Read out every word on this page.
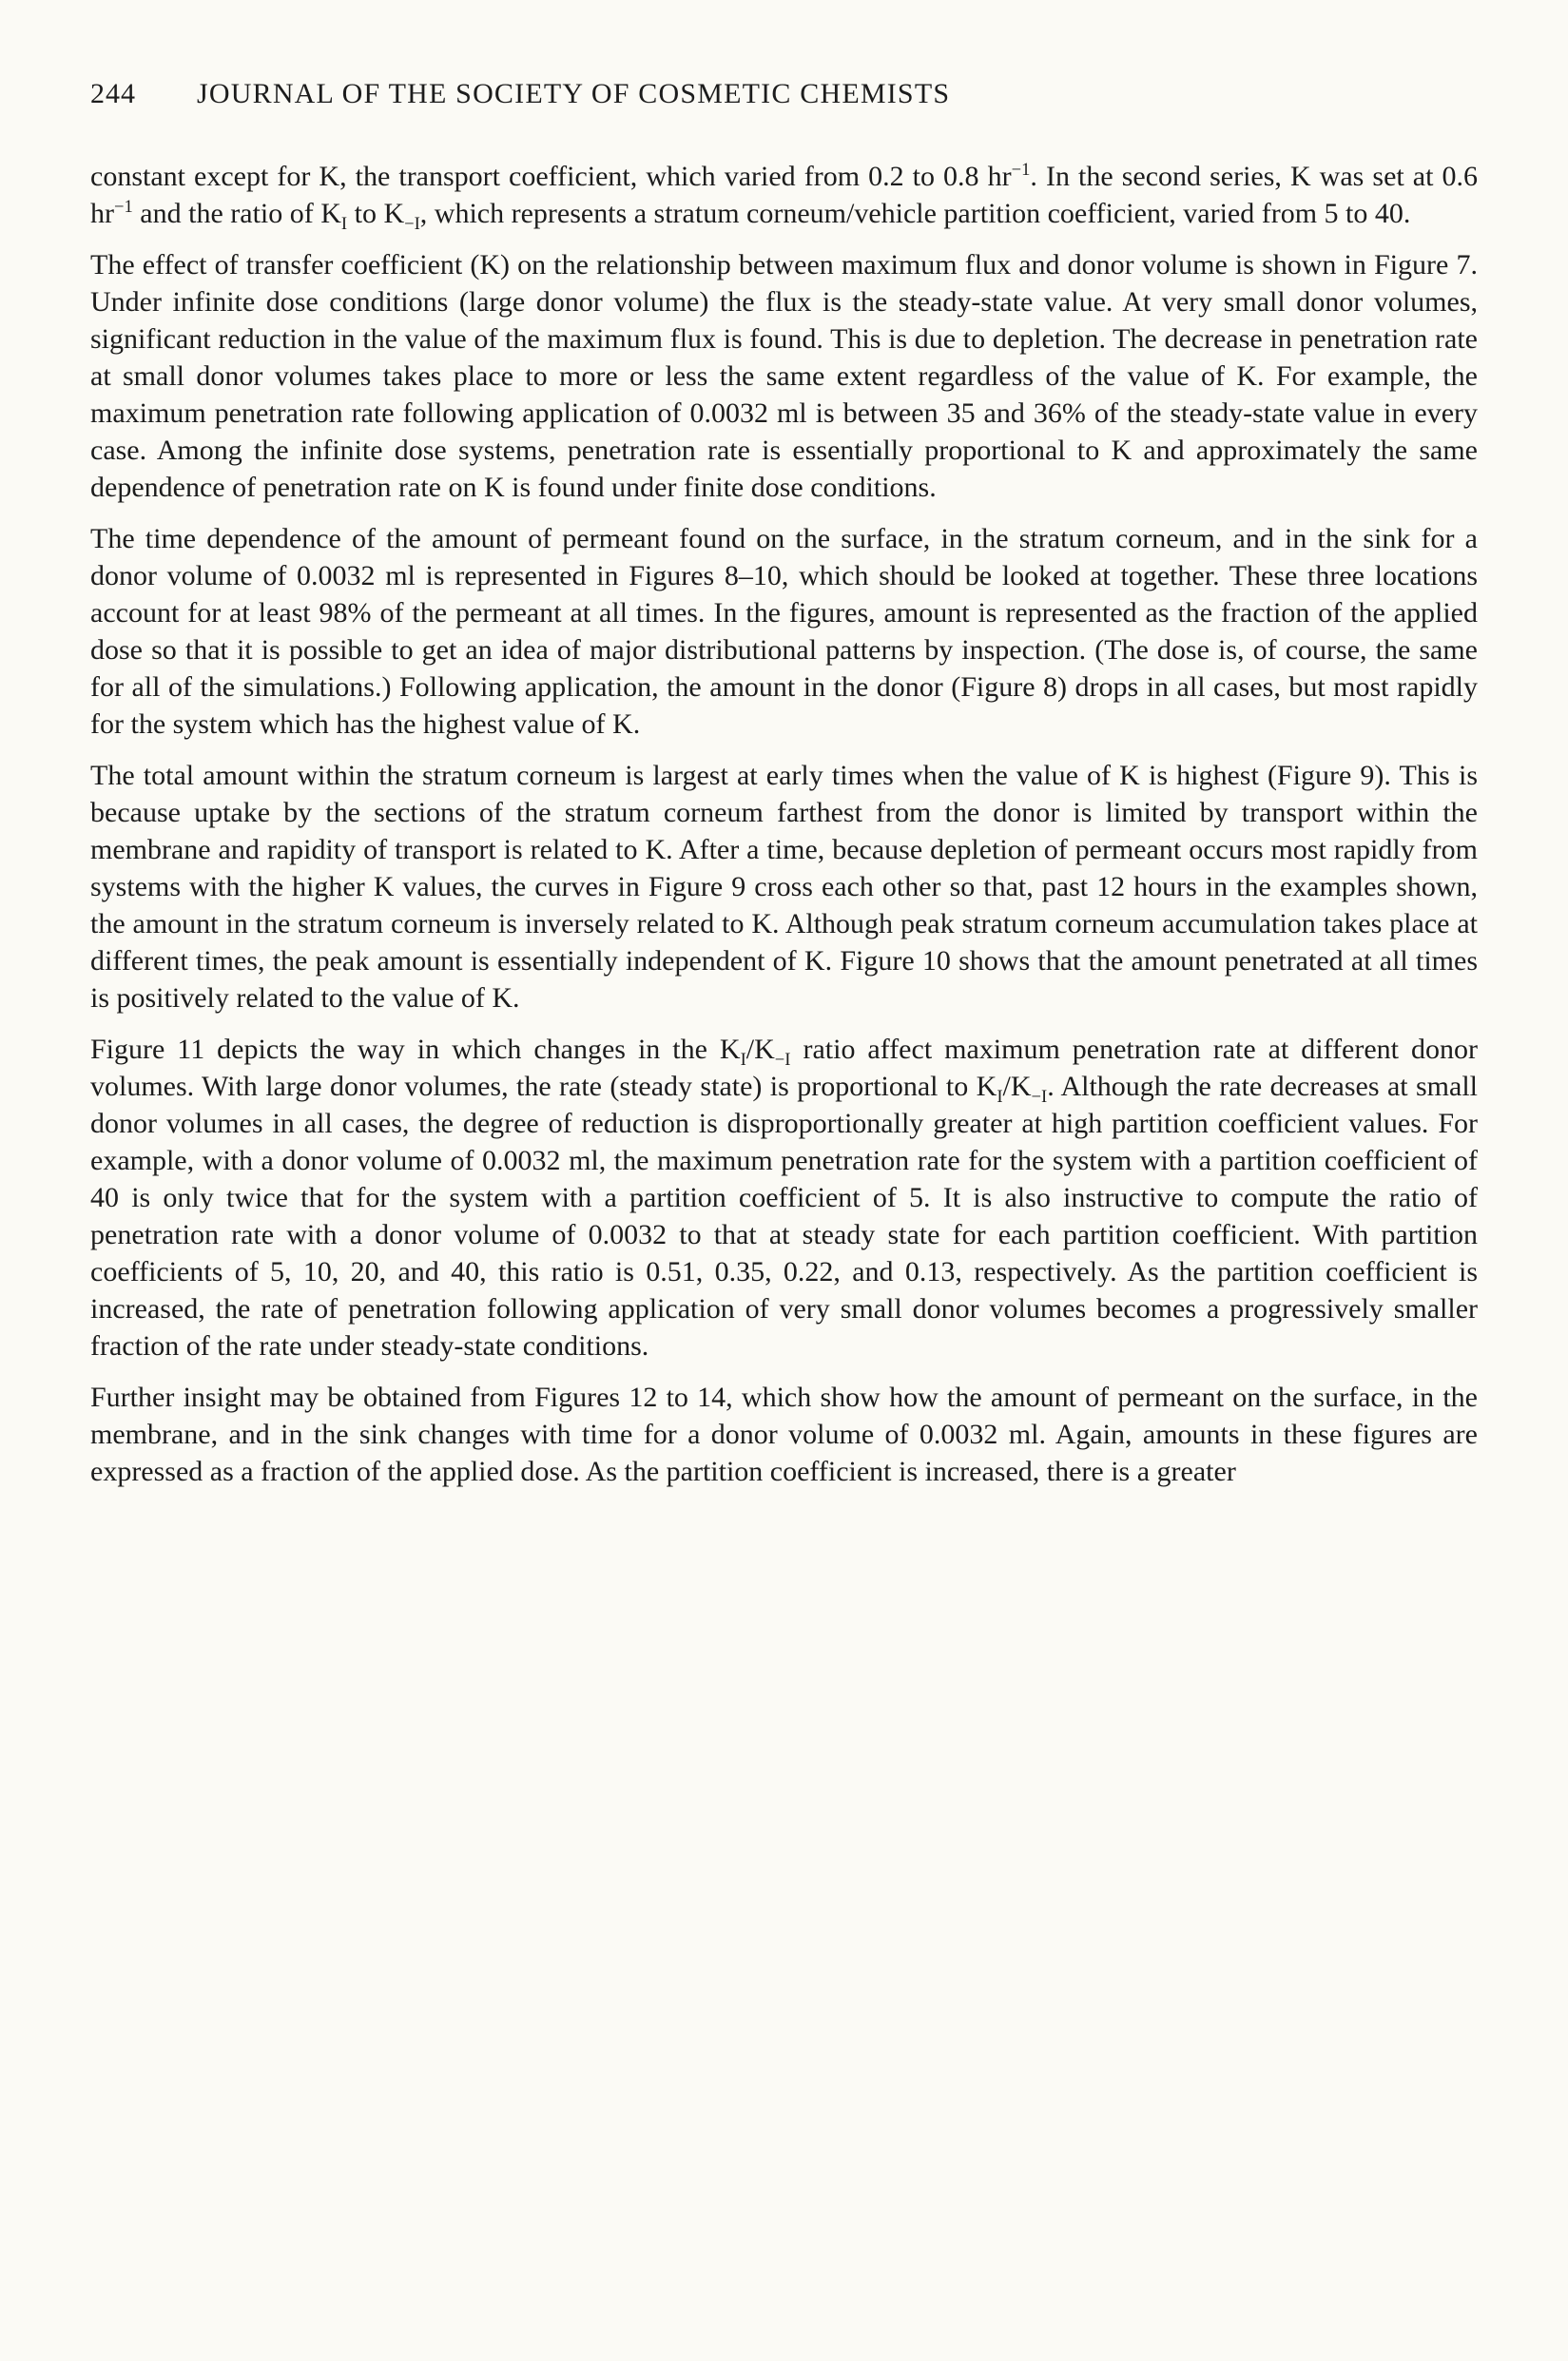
244 JOURNAL OF THE SOCIETY OF COSMETIC CHEMISTS

constant except for K, the transport coefficient, which varied from 0.2 to 0.8 $hr^{-1}$. In the second series, K was set at 0.6 $hr^{-1}$ and the ratio of $K_I$ to $K_{-I}$, which represents a stratum corneum/vehicle partition coefficient, varied from 5 to 40.

The effect of transfer coefficient (K) on the relationship between maximum flux and donor volume is shown in Figure 7. Under infinite dose conditions (large donor volume) the flux is the steady-state value. At very small donor volumes, significant reduction in the value of the maximum flux is found. This is due to depletion. The decrease in penetration rate at small donor volumes takes place to more or less the same extent regardless of the value of K. For example, the maximum penetration rate following application of 0.0032 ml is between 35 and 36% of the steady-state value in every case. Among the infinite dose systems, penetration rate is essentially proportional to K and approximately the same dependence of penetration rate on K is found under finite dose conditions.

The time dependence of the amount of permeant found on the surface, in the stratum corneum, and in the sink for a donor volume of 0.0032 ml is represented in Figures 8–10, which should be looked at together. These three locations account for at least 98% of the permeant at all times. In the figures, amount is represented as the fraction of the applied dose so that it is possible to get an idea of major distributional patterns by inspection. (The dose is, of course, the same for all of the simulations.) Following application, the amount in the donor (Figure 8) drops in all cases, but most rapidly for the system which has the highest value of K.

The total amount within the stratum corneum is largest at early times when the value of K is highest (Figure 9). This is because uptake by the sections of the stratum corneum farthest from the donor is limited by transport within the membrane and rapidity of transport is related to K. After a time, because depletion of permeant occurs most rapidly from systems with the higher K values, the curves in Figure 9 cross each other so that, past 12 hours in the examples shown, the amount in the stratum corneum is inversely related to K. Although peak stratum corneum accumulation takes place at different times, the peak amount is essentially independent of K. Figure 10 shows that the amount penetrated at all times is positively related to the value of K.

Figure 11 depicts the way in which changes in the $K_I/K_{-I}$ ratio affect maximum penetration rate at different donor volumes. With large donor volumes, the rate (steady state) is proportional to $K_I/K_{-I}$. Although the rate decreases at small donor volumes in all cases, the degree of reduction is disproportionally greater at high partition coefficient values. For example, with a donor volume of 0.0032 ml, the maximum penetration rate for the system with a partition coefficient of 40 is only twice that for the system with a partition coefficient of 5. It is also instructive to compute the ratio of penetration rate with a donor volume of 0.0032 to that at steady state for each partition coefficient. With partition coefficients of 5, 10, 20, and 40, this ratio is 0.51, 0.35, 0.22, and 0.13, respectively. As the partition coefficient is increased, the rate of penetration following application of very small donor volumes becomes a progressively smaller fraction of the rate under steady-state conditions.

Further insight may be obtained from Figures 12 to 14, which show how the amount of permeant on the surface, in the membrane, and in the sink changes with time for a donor volume of 0.0032 ml. Again, amounts in these figures are expressed as a fraction of the applied dose. As the partition coefficient is increased, there is a greater
